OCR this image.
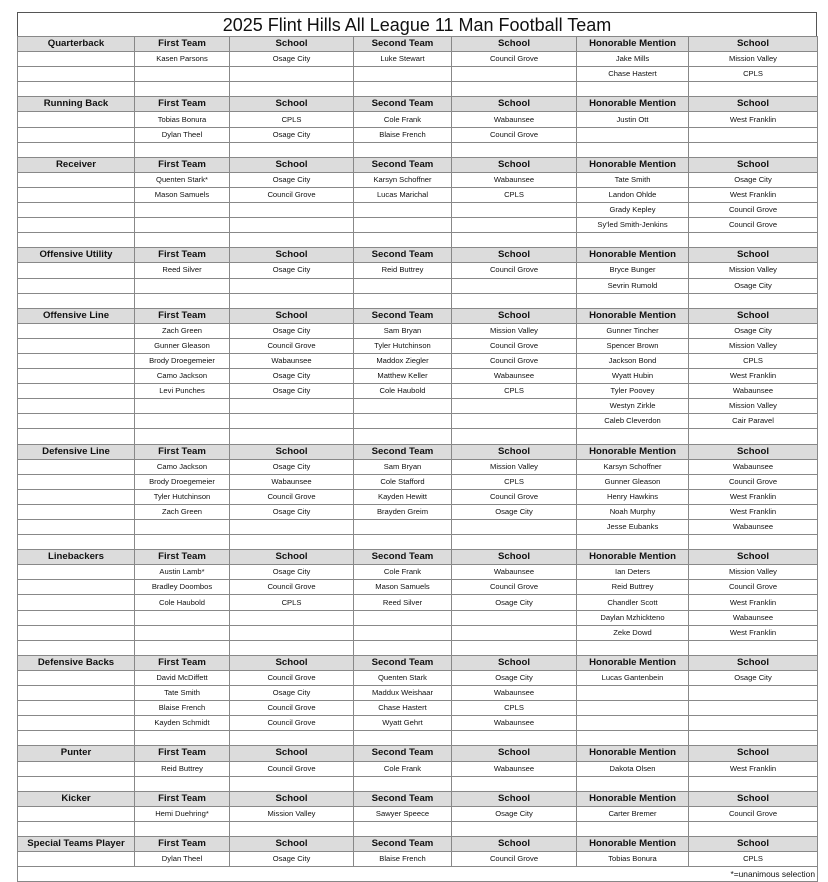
2025 Flint Hills All League 11 Man Football Team
Quarterback	First Team	School	Second Team	School	Honorable Mention	School
	Kasen Parsons	Osage City	Luke Stewart	Council Grove	Jake Mills	Mission Valley
					Chase Hastert	CPLS

Running Back	First Team	School	Second Team	School	Honorable Mention	School
	Tobias Bonura	CPLS	Cole Frank	Wabaunsee	Justin Ott	West Franklin
	Dylan Theel	Osage City	Blaise French	Council Grove		

Receiver	First Team	School	Second Team	School	Honorable Mention	School
	Quenten Stark*	Osage City	Karsyn Schoffner	Wabaunsee	Tate Smith	Osage City
	Mason Samuels	Council Grove	Lucas Marichal	CPLS	Landon Ohlde	West Franklin
					Grady Kepley	Council Grove
					Sy'led Smith-Jenkins	Council Grove

Offensive Utility	First Team	School	Second Team	School	Honorable Mention	School
	Reed Silver	Osage City	Reid Buttrey	Council Grove	Bryce Bunger	Mission Valley
					Sevrin Rumold	Osage City

Offensive Line	First Team	School	Second Team	School	Honorable Mention	School
	Zach Green	Osage City	Sam Bryan	Mission Valley	Gunner Tincher	Osage City
	Gunner Gleason	Council Grove	Tyler Hutchinson	Council Grove	Spencer Brown	Mission Valley
	Brody Droegemeier	Wabaunsee	Maddox Ziegler	Council Grove	Jackson Bond	CPLS
	Camo Jackson	Osage City	Matthew Keller	Wabaunsee	Wyatt Hubin	West Franklin
	Levi Punches	Osage City	Cole Haubold	CPLS	Tyler Poovey	Wabaunsee
					Westyn Zirkle	Mission Valley
					Caleb Cleverdon	Cair Paravel

Defensive Line	First Team	School	Second Team	School	Honorable Mention	School
	Camo Jackson	Osage City	Sam Bryan	Mission Valley	Karsyn Schoffner	Wabaunsee
	Brody Droegemeier	Wabaunsee	Cole Stafford	CPLS	Gunner Gleason	Council Grove
	Tyler Hutchinson	Council Grove	Kayden Hewitt	Council Grove	Henry Hawkins	West Franklin
	Zach Green	Osage City	Brayden Greim	Osage City	Noah Murphy	West Franklin
					Jesse Eubanks	Wabaunsee

Linebackers	First Team	School	Second Team	School	Honorable Mention	School
	Austin Lamb*	Osage City	Cole Frank	Wabaunsee	Ian Deters	Mission Valley
	Bradley Doombos	Council Grove	Mason Samuels	Council Grove	Reid Buttrey	Council Grove
	Cole Haubold	CPLS	Reed Silver	Osage City	Chandler Scott	West Franklin
					Daylan Mzhickteno	Wabaunsee
					Zeke Dowd	West Franklin

Defensive Backs	First Team	School	Second Team	School	Honorable Mention	School
	David McDiffett	Council Grove	Quenten Stark	Osage City	Lucas Gantenbein	Osage City
	Tate Smith	Osage City	Maddux Weishaar	Wabaunsee		
	Blaise French	Council Grove	Chase Hastert	CPLS		
	Kayden Schmidt	Council Grove	Wyatt Gehrt	Wabaunsee		

Punter	First Team	School	Second Team	School	Honorable Mention	School
	Reid Buttrey	Council Grove	Cole Frank	Wabaunsee	Dakota Olsen	West Franklin

Kicker	First Team	School	Second Team	School	Honorable Mention	School
	Hemi Duehring*	Mission Valley	Sawyer Speece	Osage City	Carter Bremer	Council Grove

Special Teams Player	First Team	School	Second Team	School	Honorable Mention	School
	Dylan Theel	Osage City	Blaise French	Council Grove	Tobias Bonura	CPLS
						*=unanimous selection
